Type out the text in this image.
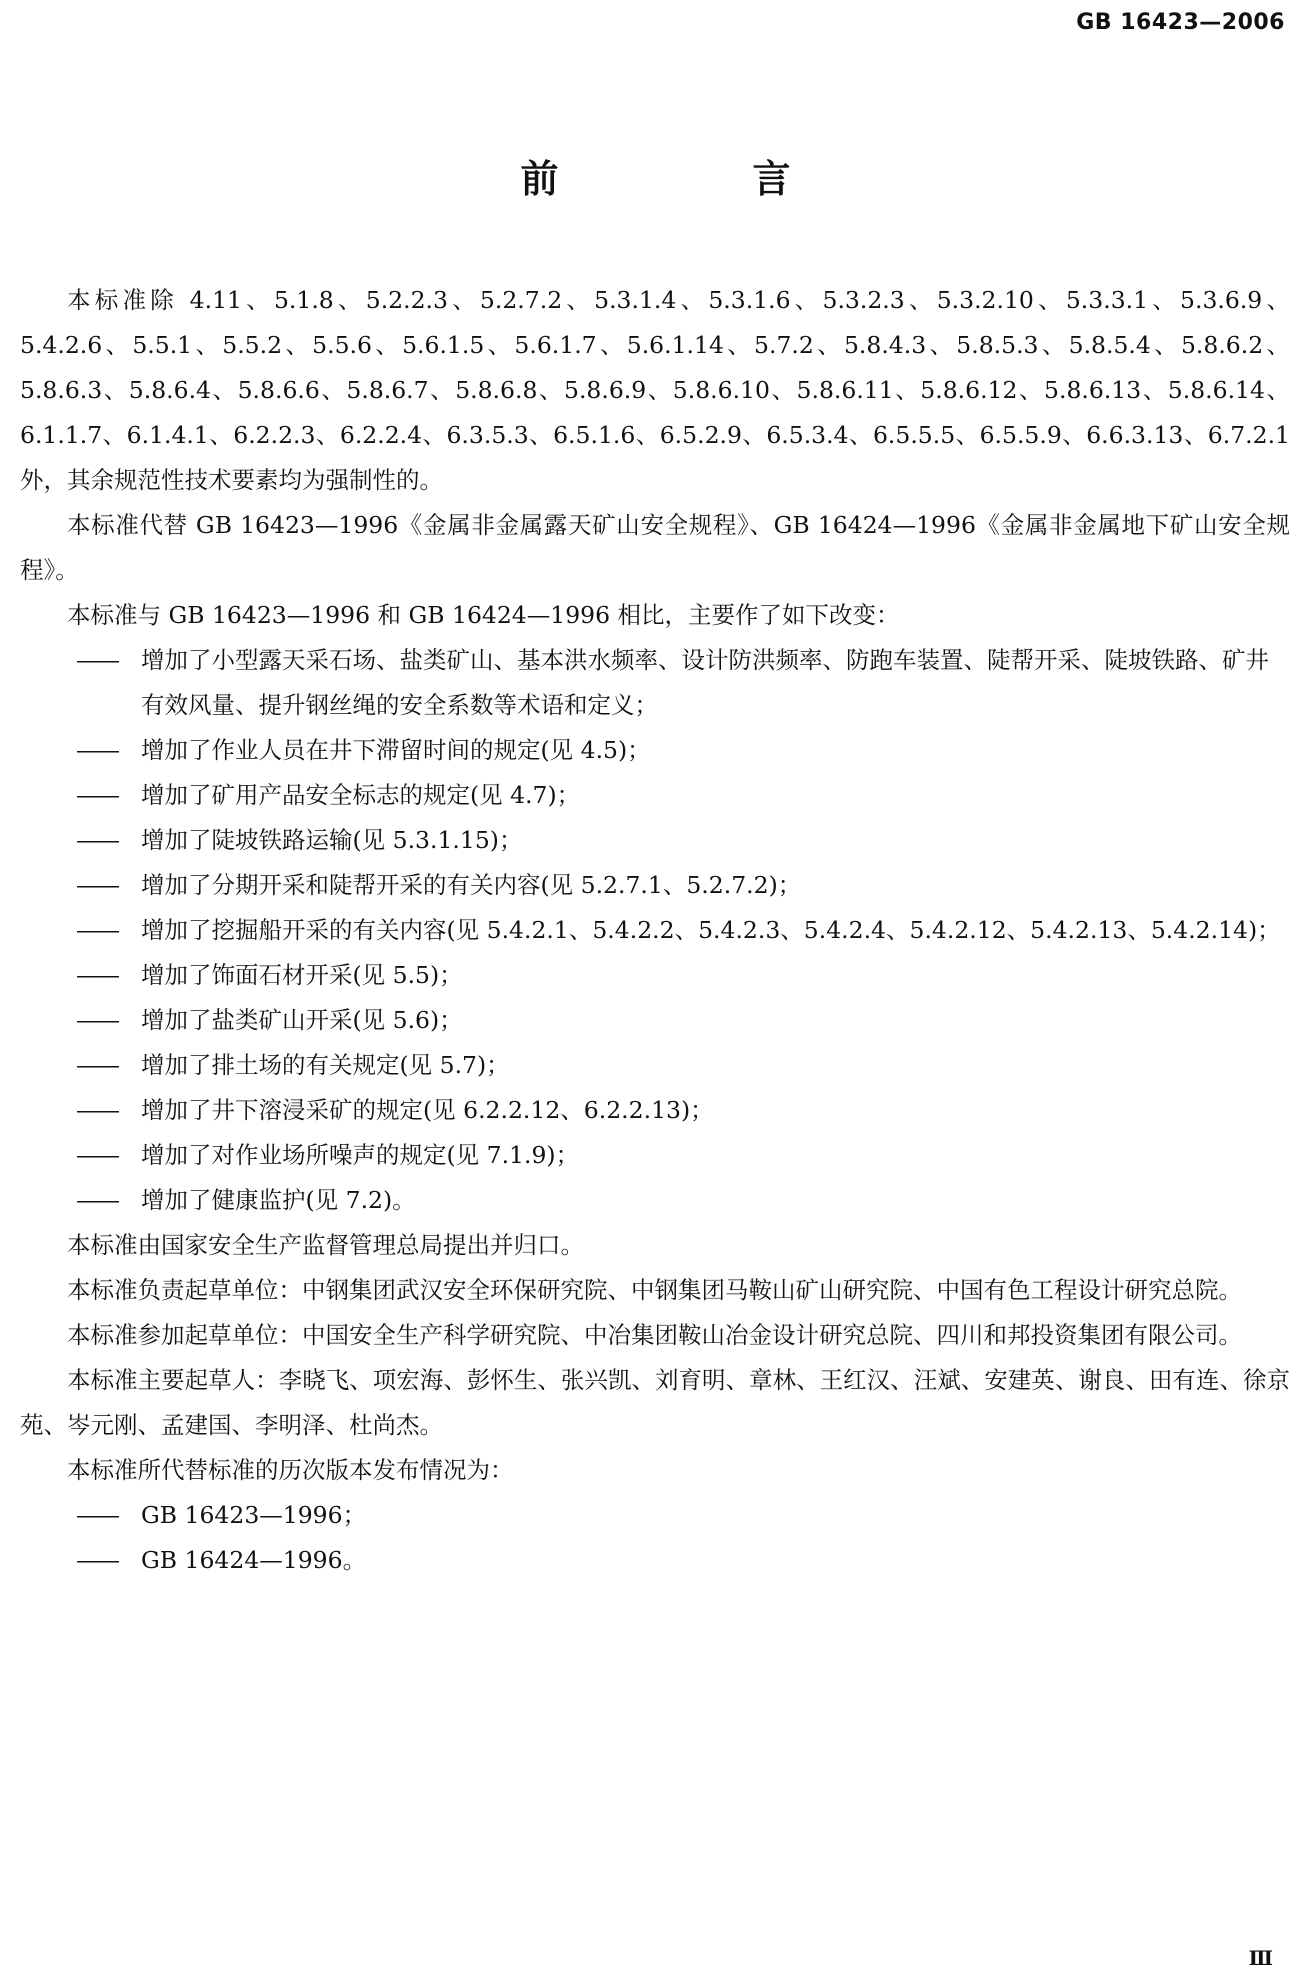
GB 16423—2006
前　言

本标准除 4.11、5.1.8、5.2.2.3、5.2.7.2、5.3.1.4、5.3.1.6、5.3.2.3、5.3.2.10、5.3.3.1、5.3.6.9、5.4.2.6、5.5.1、5.5.2、5.5.6、5.6.1.5、5.6.1.7、5.6.1.14、5.7.2、5.8.4.3、5.8.5.3、5.8.5.4、5.8.6.2、5.8.6.3、5.8.6.4、5.8.6.6、5.8.6.7、5.8.6.8、5.8.6.9、5.8.6.10、5.8.6.11、5.8.6.12、5.8.6.13、5.8.6.14、6.1.1.7、6.1.4.1、6.2.2.3、6.2.2.4、6.3.5.3、6.5.1.6、6.5.2.9、6.5.3.4、6.5.5.5、6.5.5.9、6.6.3.13、6.7.2.1 外，其余规范性技术要素均为强制性的。

本标准代替 GB 16423—1996《金属非金属露天矿山安全规程》、GB 16424—1996《金属非金属地下矿山安全规程》。

本标准与 GB 16423—1996 和 GB 16424—1996 相比，主要作了如下改变：

——	增加了小型露天采石场、盐类矿山、基本洪水频率、设计防洪频率、防跑车装置、陡帮开采、陡坡铁路、矿井有效风量、提升钢丝绳的安全系数等术语和定义；

——	增加了作业人员在井下滞留时间的规定(见 4.5)；

——	增加了矿用产品安全标志的规定(见 4.7)；

——	增加了陡坡铁路运输(见 5.3.1.15)；

——	增加了分期开采和陡帮开采的有关内容(见 5.2.7.1、5.2.7.2)；

——	增加了挖掘船开采的有关内容(见 5.4.2.1、5.4.2.2、5.4.2.3、5.4.2.4、5.4.2.12、5.4.2.13、5.4.2.14)；

——	增加了饰面石材开采(见 5.5)；

——	增加了盐类矿山开采(见 5.6)；

——	增加了排土场的有关规定(见 5.7)；

——	增加了井下溶浸采矿的规定(见 6.2.2.12、6.2.2.13)；

——	增加了对作业场所噪声的规定(见 7.1.9)；

——	增加了健康监护(见 7.2)。

本标准由国家安全生产监督管理总局提出并归口。

本标准负责起草单位：中钢集团武汉安全环保研究院、中钢集团马鞍山矿山研究院、中国有色工程设计研究总院。

本标准参加起草单位：中国安全生产科学研究院、中冶集团鞍山冶金设计研究总院、四川和邦投资集团有限公司。

本标准主要起草人：李晓飞、项宏海、彭怀生、张兴凯、刘育明、章林、王红汉、汪斌、安建英、谢良、田有连、徐京苑、岑元刚、孟建国、李明泽、杜尚杰。

本标准所代替标准的历次版本发布情况为：

——	GB 16423—1996；

——	GB 16424—1996。

Ⅲ
